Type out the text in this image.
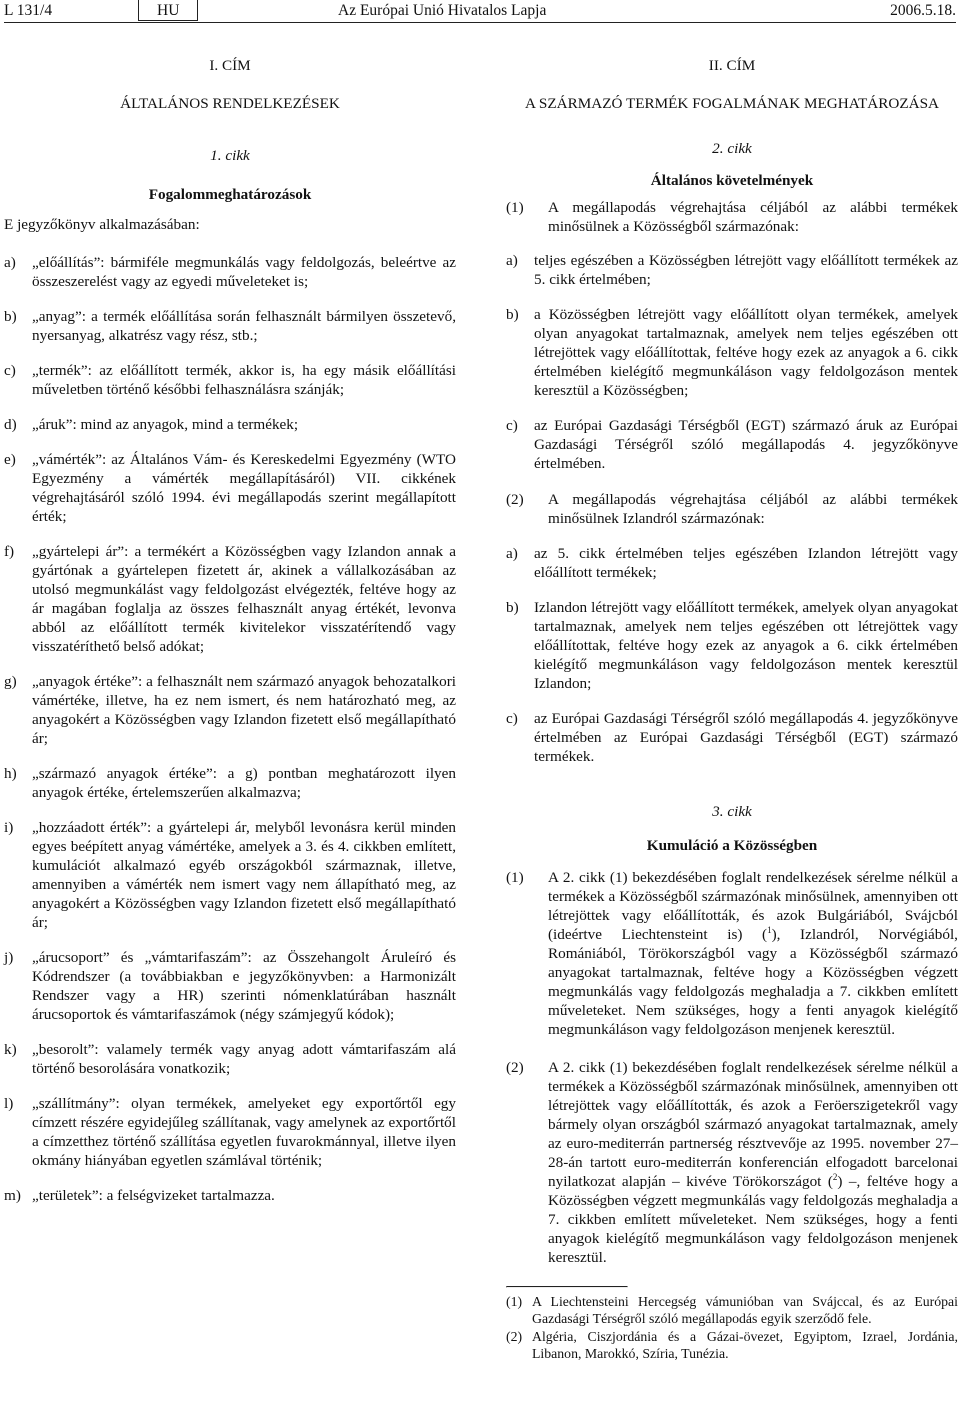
L 131/4	HU	Az Európai Unió Hivatalos Lapja	2006.5.18.

I. CÍM

ÁLTALÁNOS RENDELKEZÉSEK

1. cikk

Fogalommeghatározások

E jegyzőkönyv alkalmazásában:

a)	„előállítás”: bármiféle megmunkálás vagy feldolgozás, beleértve az összeszerelést vagy az egyedi műveleteket is;
b)	„anyag”: a termék előállítása során felhasznált bármilyen összetevő, nyersanyag, alkatrész vagy rész, stb.;
c)	„termék”: az előállított termék, akkor is, ha egy másik előállítási műveletben történő későbbi felhasználásra szánják;
d)	„áruk”: mind az anyagok, mind a termékek;
e)	„vámérték”: az Általános Vám- és Kereskedelmi Egyezmény (WTO Egyezmény a vámérték megállapításáról) VII. cikkének végrehajtásáról szóló 1994. évi megállapodás szerint megállapított érték;
f)	„gyártelepi ár”: a termékért a Közösségben vagy Izlandon annak a gyártónak a gyártelepen fizetett ár, akinek a vállalkozásában az utolsó megmunkálást vagy feldolgozást elvégezték, feltéve hogy az ár magában foglalja az összes felhasznált anyag értékét, levonva abból az előállított termék kivitelekor visszatérítendő vagy visszatéríthető belső adókat;
g)	„anyagok értéke”: a felhasznált nem származó anyagok behozatalkori vámértéke, illetve, ha ez nem ismert, és nem határozható meg, az anyagokért a Közösségben vagy Izlandon fizetett első megállapítható ár;
h)	„származó anyagok értéke”: a g) pontban meghatározott ilyen anyagok értéke, értelemszerűen alkalmazva;
i)	„hozzáadott érték”: a gyártelepi ár, melyből levonásra kerül minden egyes beépített anyag vámértéke, amelyek a 3. és 4. cikkben említett, kumulációt alkalmazó egyéb országokból származnak, illetve, amennyiben a vámérték nem ismert vagy nem állapítható meg, az anyagokért a Közösségben vagy Izlandon fizetett első megállapítható ár;
j)	„árucsoport” és „vámtarifaszám”: az Összehangolt Áruleíró és Kódrendszer (a továbbiakban e jegyzőkönyvben: a Harmonizált Rendszer vagy a HR) szerinti nómenklatúrában használt árucsoportok és vámtarifaszámok (négy számjegyű kódok);
k)	„besorolt”: valamely termék vagy anyag adott vámtarifaszám alá történő besorolására vonatkozik;
l)	„szállítmány”: olyan termékek, amelyeket egy exportőrtől egy címzett részére egyidejűleg szállítanak, vagy amelynek az exportőrtől a címzetthez történő szállítása egyetlen fuvarokmánnyal, illetve ilyen okmány hiányában egyetlen számlával történik;
m) „területek”: a felségvizeket tartalmazza.

II. CÍM

A SZÁRMAZÓ TERMÉK FOGALMÁNAK MEGHATÁROZÁSA

2. cikk

Általános követelmények

(1)	A megállapodás végrehajtása céljából az alábbi termékek minősülnek a Közösségből származónak:
a)	teljes egészében a Közösségben létrejött vagy előállított termékek az 5. cikk értelmében;
b)	a Közösségben létrejött vagy előállított olyan termékek, amelyek olyan anyagokat tartalmaznak, amelyek nem teljes egészében ott létrejöttek vagy előállítottak, feltéve hogy ezek az anyagok a 6. cikk értelmében kielégítő megmunkáláson vagy feldolgozáson mentek keresztül a Közösségben;
c)	az Európai Gazdasági Térségből (EGT) származó áruk az Európai Gazdasági Térségről szóló megállapodás 4. jegyzőkönyve értelmében.
(2)	A megállapodás végrehajtása céljából az alábbi termékek minősülnek Izlandról származónak:
a)	az 5. cikk értelmében teljes egészében Izlandon létrejött vagy előállított termékek;
b)	Izlandon létrejött vagy előállított termékek, amelyek olyan anyagokat tartalmaznak, amelyek nem teljes egészében ott létrejöttek vagy előállítottak, feltéve hogy ezek az anyagok a 6. cikk értelmében kielégítő megmunkáláson vagy feldolgozáson mentek keresztül Izlandon;
c)	az Európai Gazdasági Térségről szóló megállapodás 4. jegyzőkönyve értelmében az Európai Gazdasági Térségből (EGT) származó termékek.

3. cikk

Kumuláció a Közösségben

(1)	A 2. cikk (1) bekezdésében foglalt rendelkezések sérelme nélkül a termékek a Közösségből származónak minősülnek, amennyiben ott létrejöttek vagy előállították, és azok Bulgáriából, Svájcból (ideértve Liechtensteint is) ($^1$), Izlandról, Norvégiából, Romániából, Törökországból vagy a Közösségből származó anyagokat tartalmaznak, feltéve hogy a Közösségben végzett megmunkálás vagy feldolgozás meghaladja a 7. cikkben említett műveleteket. Nem szükséges, hogy a fenti anyagok kielégítő megmunkáláson vagy feldolgozáson menjenek keresztül.
(2)	A 2. cikk (1) bekezdésében foglalt rendelkezések sérelme nélkül a termékek a Közösségből származónak minősülnek, amennyiben ott létrejöttek vagy előállították, és azok a Feröerszigetekről vagy bármely olyan országból származó anyagokat tartalmaznak, amely az euro-mediterrán partnerség résztvevője az 1995. november 27–28-án tartott euro-mediterrán konferencián elfogadott barcelonai nyilatkozat alapján – kivéve Törökországot ($^2$) –, feltéve hogy a Közösségben végzett megmunkálás vagy feldolgozás meghaladja a 7. cikkben említett műveleteket. Nem szükséges, hogy a fenti anyagok kielégítő megmunkáláson vagy feldolgozáson menjenek keresztül.
(1) A Liechtensteini Hercegség vámunióban van Svájccal, és az Európai Gazdasági Térségről szóló megállapodás egyik szerződő fele.
(2) Algéria, Ciszjordánia és a Gázai-övezet, Egyiptom, Izrael, Jordánia, Libanon, Marokkó, Szíria, Tunézia.
